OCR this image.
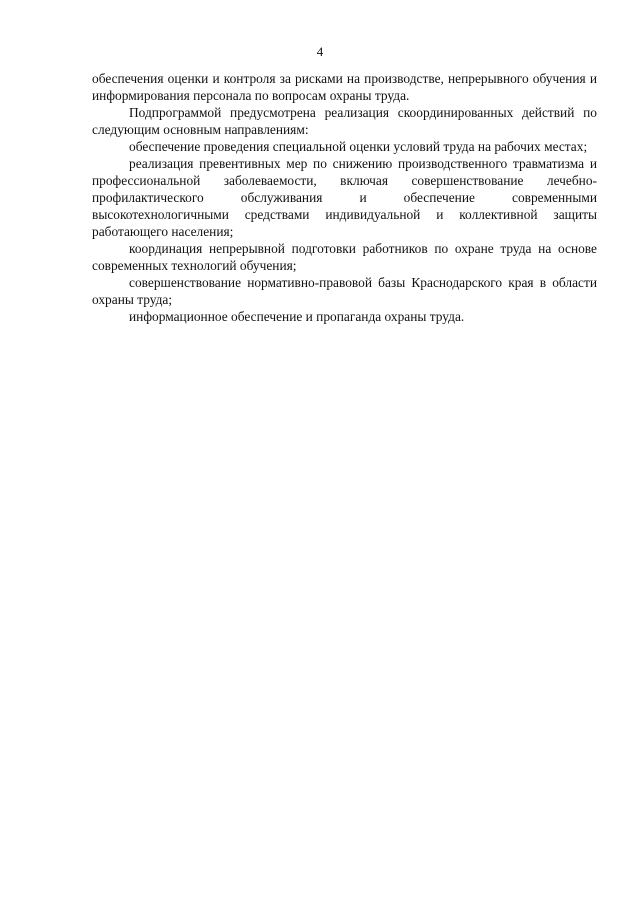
4

обеспечения оценки и контроля за рисками на производстве, непрерывного обучения и информирования персонала по вопросам охраны труда.

Подпрограммой предусмотрена реализация скоординированных действий по следующим основным направлениям:

обеспечение проведения специальной оценки условий труда на рабочих местах;

реализация превентивных мер по снижению производственного травматизма и профессиональной заболеваемости, включая совершенствование лечебно-профилактического обслуживания и обеспечение современными высокотехнологичными средствами индивидуальной и коллективной защиты работающего населения;

координация непрерывной подготовки работников по охране труда на основе современных технологий обучения;

совершенствование нормативно-правовой базы Краснодарского края в области охраны труда;

информационное обеспечение и пропаганда охраны труда.
